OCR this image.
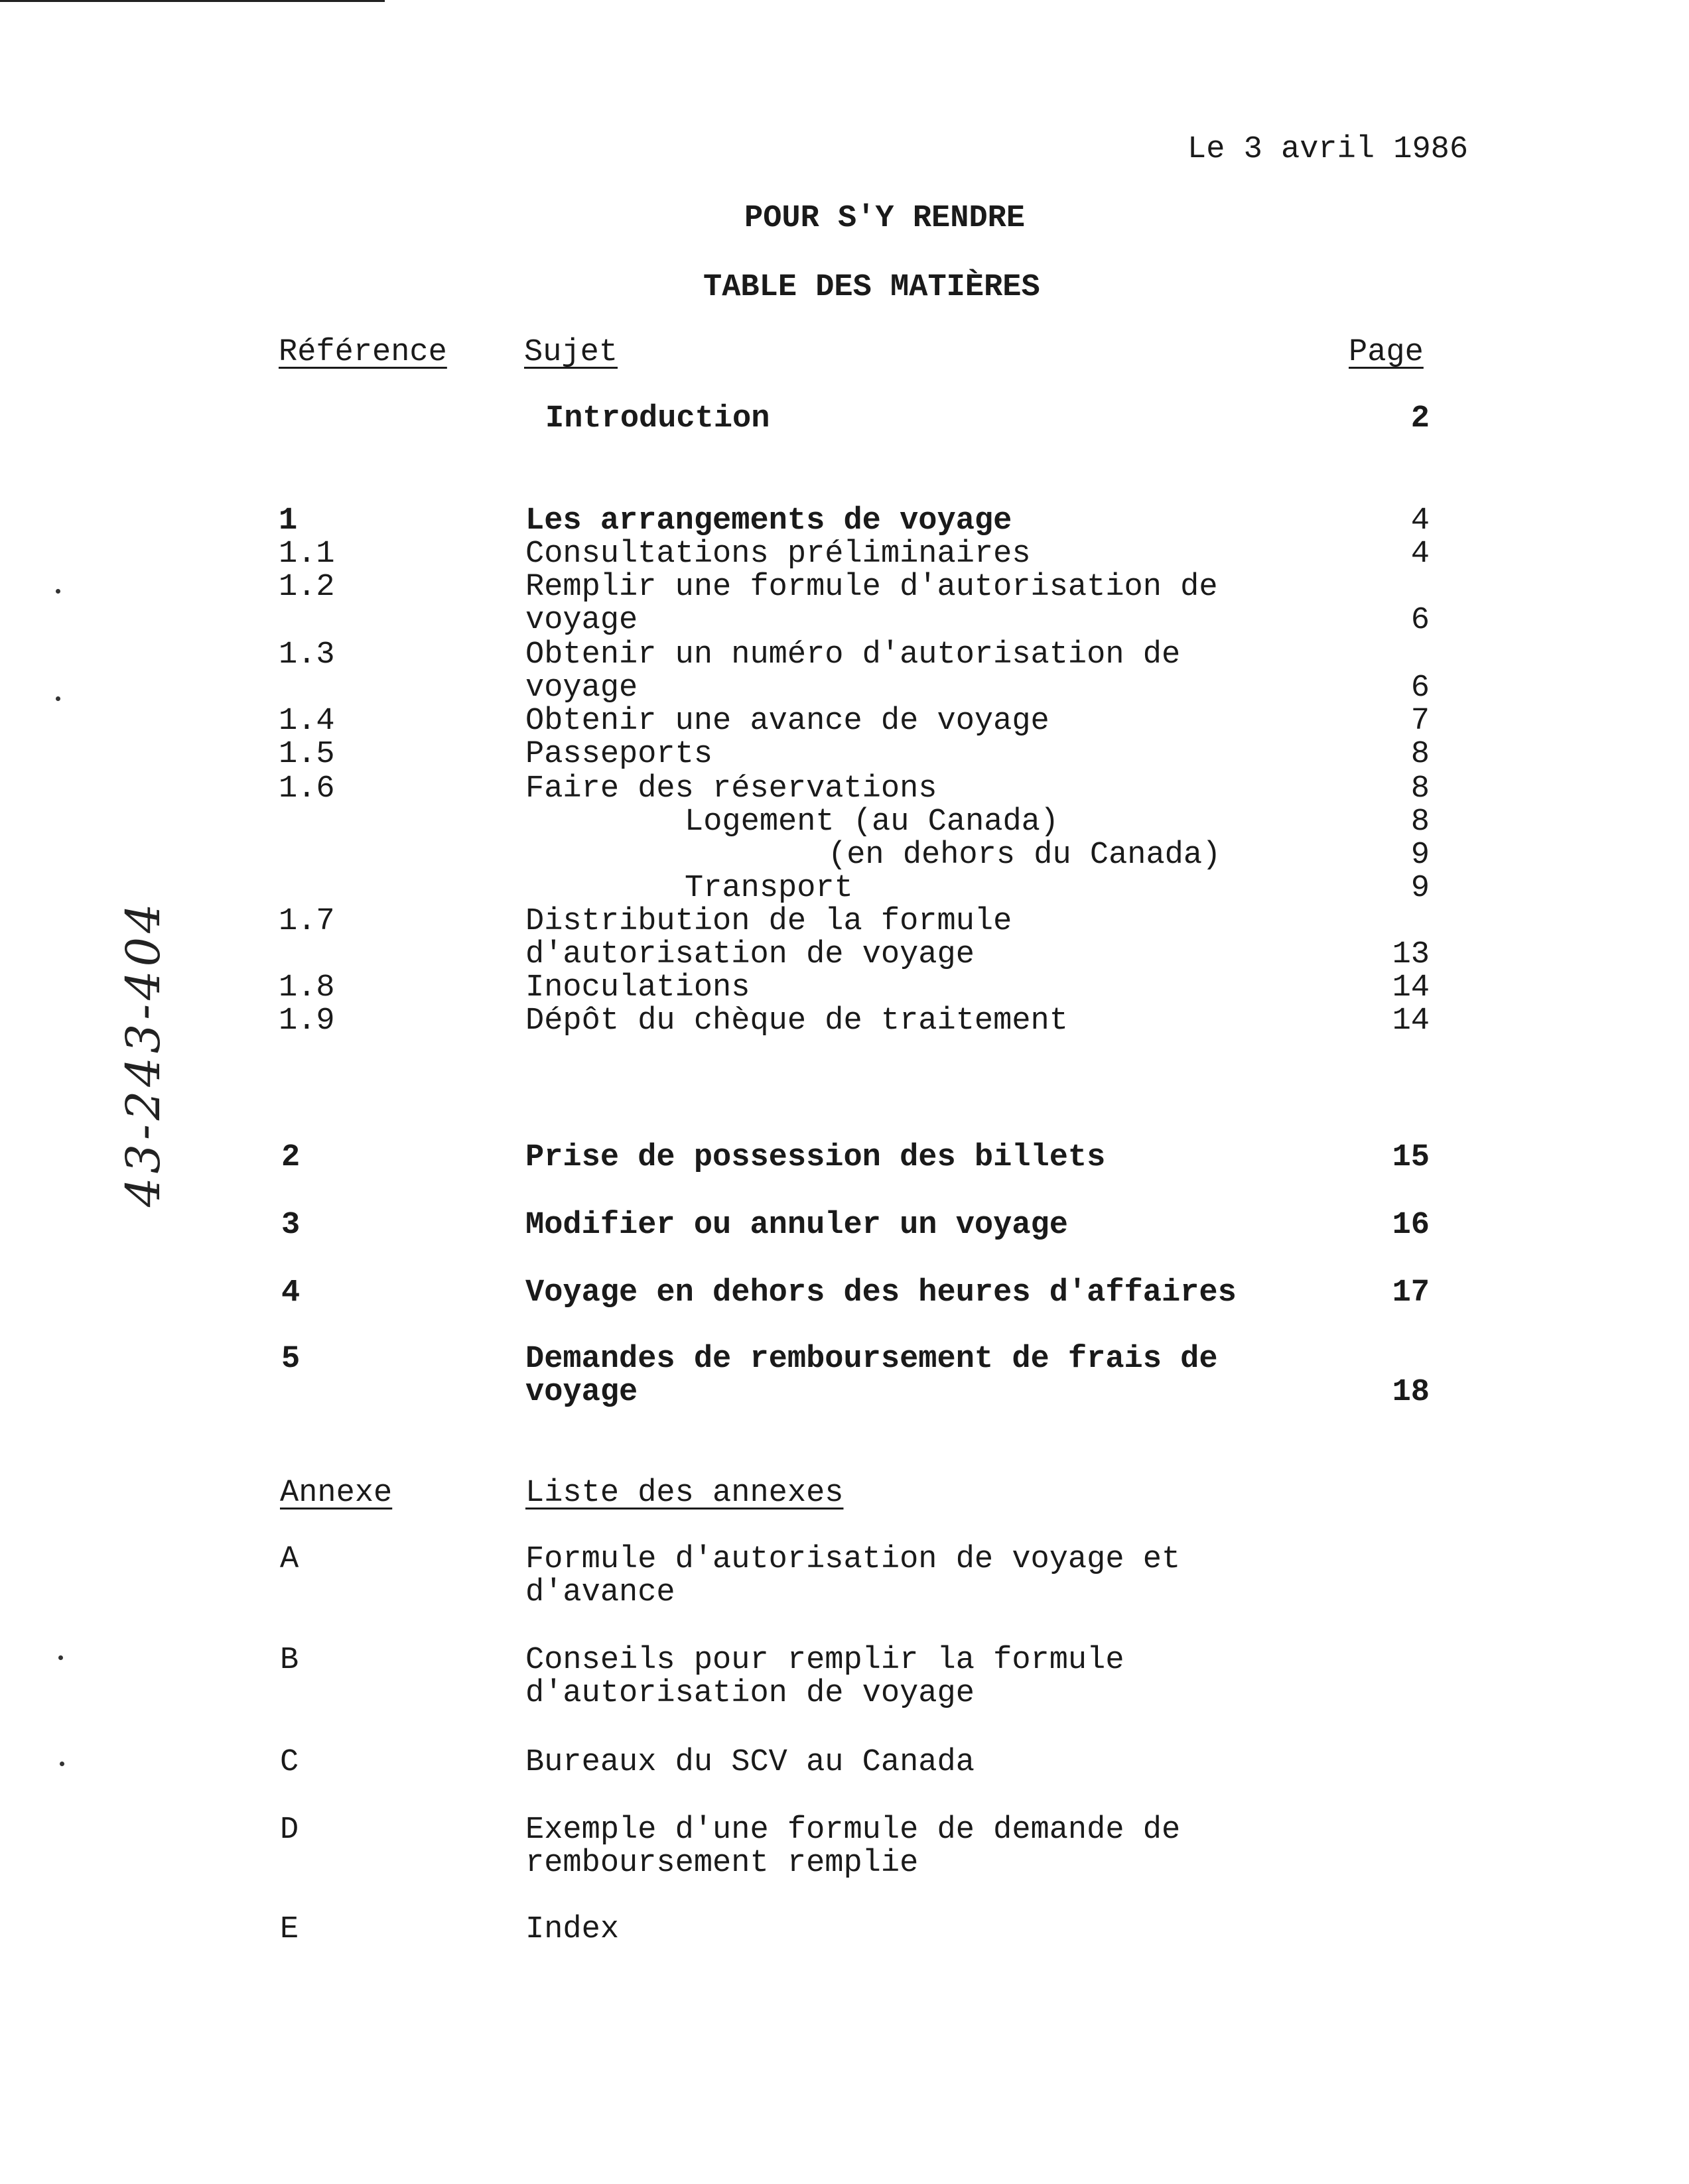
Le 3 avril 1986
POUR S'Y RENDRE
TABLE DES MATIÈRES
Référence Sujet	Page
Introduction	2
1	Les arrangements de voyage	4
1.1	Consultations préliminaires	4
1.2	Remplir une formule d'autorisation de
voyage	6
1.3	Obtenir un numéro d'autorisation de
voyage	6
1.4	Obtenir une avance de voyage	7
1.5	Passeports	8
1.6	Faire des réservations	8
Logement (au Canada)	8
(en dehors du Canada)	9
Transport	9
1.7	Distribution de la formule
d'autorisation de voyage	13
1.8	Inoculations	14
1.9	Dépôt du chèque de traitement	14
2	Prise de possession des billets	15
3	Modifier ou annuler un voyage	16
4	Voyage en dehors des heures d'affaires	17
5	Demandes de remboursement de frais de
voyage	18
Annexe	Liste des annexes
A	Formule d'autorisation de voyage et
d'avance
B	Conseils pour remplir la formule
d'autorisation de voyage
C	Bureaux du SCV au Canada
D	Exemple d'une formule de demande de
remboursement remplie
E	Index
43-243-404
